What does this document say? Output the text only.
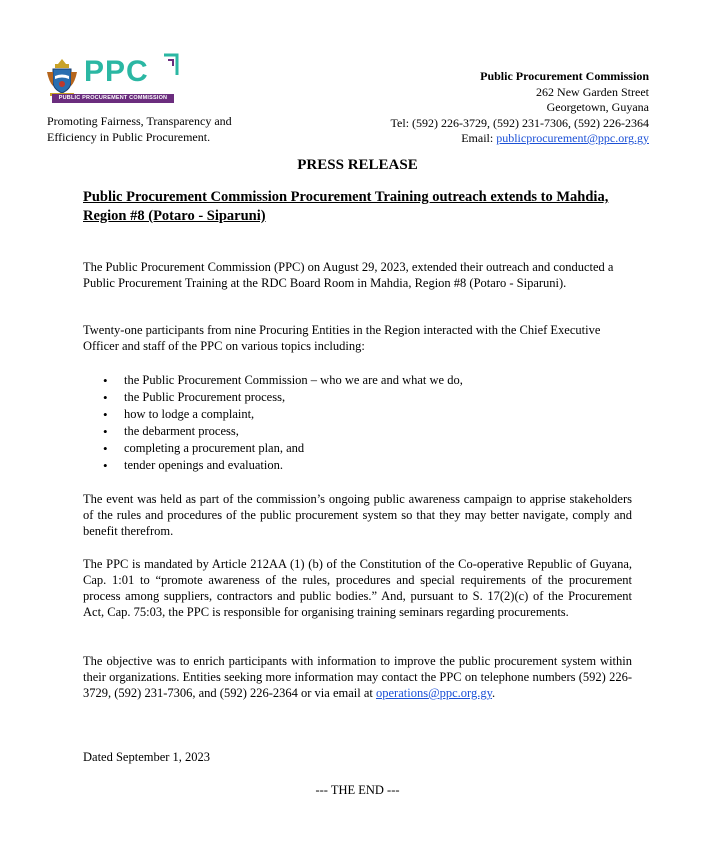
PPC
PUBLIC PROCUREMENT COMMISSION
Promoting Fairness, Transparency and
Efficiency in Public Procurement.
Public Procurement Commission
262 New Garden Street
Georgetown, Guyana
Tel: (592) 226-3729, (592) 231-7306, (592) 226-2364
Email: publicprocurement@ppc.org.gy
PRESS RELEASE
Public Procurement Commission Procurement Training outreach extends to Mahdia, Region #8 (Potaro - Siparuni)

The Public Procurement Commission (PPC) on August 29, 2023, extended their outreach and conducted a Public Procurement Training at the RDC Board Room in Mahdia, Region #8 (Potaro - Siparuni).

Twenty-one participants from nine Procuring Entities in the Region interacted with the Chief Executive Officer and staff of the PPC on various topics including:

• the Public Procurement Commission – who we are and what we do,
• the Public Procurement process,
• how to lodge a complaint,
• the debarment process,
• completing a procurement plan, and
• tender openings and evaluation.

The event was held as part of the commission’s ongoing public awareness campaign to apprise stakeholders of the rules and procedures of the public procurement system so that they may better navigate, comply and benefit therefrom.

The PPC is mandated by Article 212AA (1) (b) of the Constitution of the Co-operative Republic of Guyana, Cap. 1:01 to “promote awareness of the rules, procedures and special requirements of the procurement process among suppliers, contractors and public bodies.” And, pursuant to S. 17(2)(c) of the Procurement Act, Cap. 75:03, the PPC is responsible for organising training seminars regarding procurements.

The objective was to enrich participants with information to improve the public procurement system within their organizations. Entities seeking more information may contact the PPC on telephone numbers (592) 226-3729, (592) 231-7306, and (592) 226-2364 or via email at operations@ppc.org.gy.

Dated September 1, 2023
--- THE END ---
